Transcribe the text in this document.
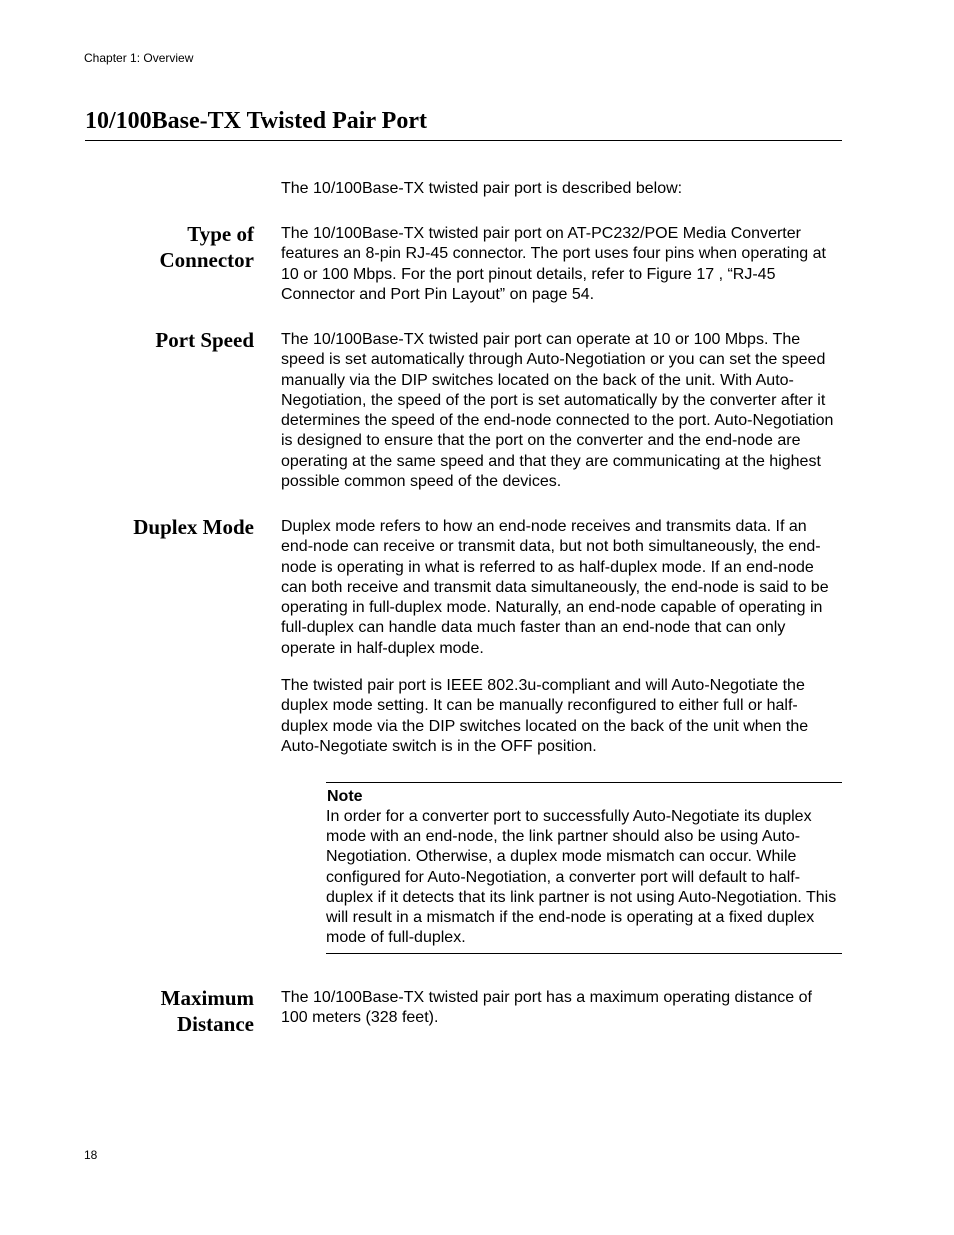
Chapter 1: Overview
10/100Base-TX Twisted Pair Port

The 10/100Base-TX twisted pair port is described below:

Type of
Connector

The 10/100Base-TX twisted pair port on AT-PC232/POE Media Converter features an 8-pin RJ-45 connector. The port uses four pins when operating at 10 or 100 Mbps. For the port pinout details, refer to Figure 17 , “RJ-45 Connector and Port Pin Layout” on page 54.

Port Speed The 10/100Base-TX twisted pair port can operate at 10 or 100 Mbps. The speed is set automatically through Auto-Negotiation or you can set the speed manually via the DIP switches located on the back of the unit. With Auto-Negotiation, the speed of the port is set automatically by the converter after it determines the speed of the end-node connected to the port. Auto-Negotiation is designed to ensure that the port on the converter and the end-node are operating at the same speed and that they are communicating at the highest possible common speed of the devices.

Duplex Mode Duplex mode refers to how an end-node receives and transmits data. If an end-node can receive or transmit data, but not both simultaneously, the end-node is operating in what is referred to as half-duplex mode. If an end-node can both receive and transmit data simultaneously, the end-node is said to be operating in full-duplex mode. Naturally, an end-node capable of operating in full-duplex can handle data much faster than an end-node that can only operate in half-duplex mode.

The twisted pair port is IEEE 802.3u-compliant and will Auto-Negotiate the duplex mode setting. It can be manually reconfigured to either full or half-duplex mode via the DIP switches located on the back of the unit when the Auto-Negotiate switch is in the OFF position.

Note

In order for a converter port to successfully Auto-Negotiate its duplex mode with an end-node, the link partner should also be using Auto-Negotiation. Otherwise, a duplex mode mismatch can occur. While configured for Auto-Negotiation, a converter port will default to half-duplex if it detects that its link partner is not using Auto-Negotiation. This will result in a mismatch if the end-node is operating at a fixed duplex mode of full-duplex.

Maximum
Distance

The 10/100Base-TX twisted pair port has a maximum operating distance of 100 meters (328 feet).

18
